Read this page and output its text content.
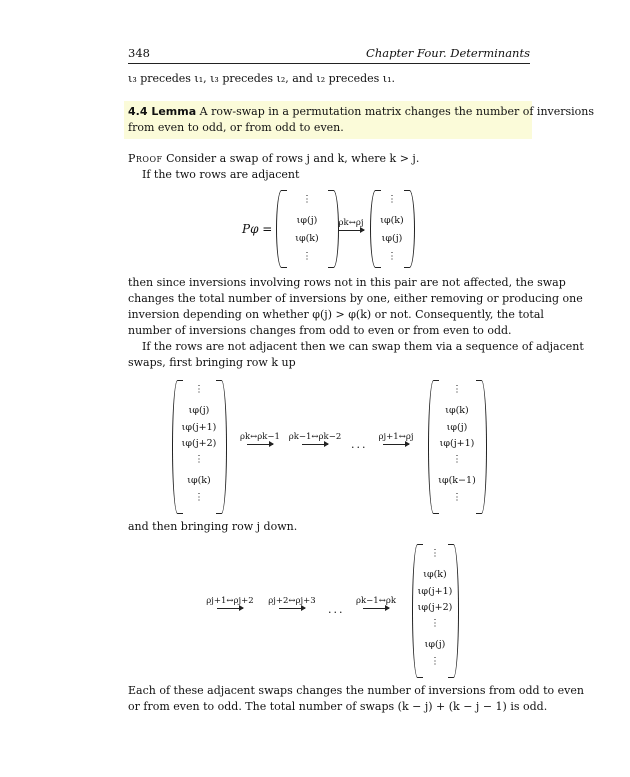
348	Chapter Four. Determinants
ι₃ precedes ι₁, ι₃ precedes ι₂, and ι₂ precedes ι₁.
4.4 Lemma A row-swap in a permutation matrix changes the number of inversions
from even to odd, or from odd to even.
Proof Consider a swap of rows j and k, where k > j.
If the two rows are adjacent
Pφ =
⋮
ιφ(j)
ιφ(k)
⋮
ρk↔ρj
⋮
ιφ(k)
ιφ(j)
⋮
then since inversions involving rows not in this pair are not affected, the swap
changes the total number of inversions by one, either removing or producing one
inversion depending on whether φ(j) > φ(k) or not. Consequently, the total
number of inversions changes from odd to even or from even to odd.
If the rows are not adjacent then we can swap them via a sequence of adjacent
swaps, first bringing row k up
⋮
ιφ(j)
ιφ(j+1)
ιφ(j+2)
⋮
ιφ(k)
⋮
ρk↔ρk−1	ρk−1↔ρk−2
...
ρj+1↔ρj
⋮
ιφ(k)
ιφ(j)
ιφ(j+1)
⋮
ιφ(k−1)
⋮
and then bringing row j down.
ρj+1↔ρj+2	ρj+2↔ρj+3
...
ρk−1↔ρk
⋮
ιφ(k)
ιφ(j+1)
ιφ(j+2)
⋮
ιφ(j)
⋮
Each of these adjacent swaps changes the number of inversions from odd to even
or from even to odd. The total number of swaps (k − j) + (k − j − 1) is odd.
